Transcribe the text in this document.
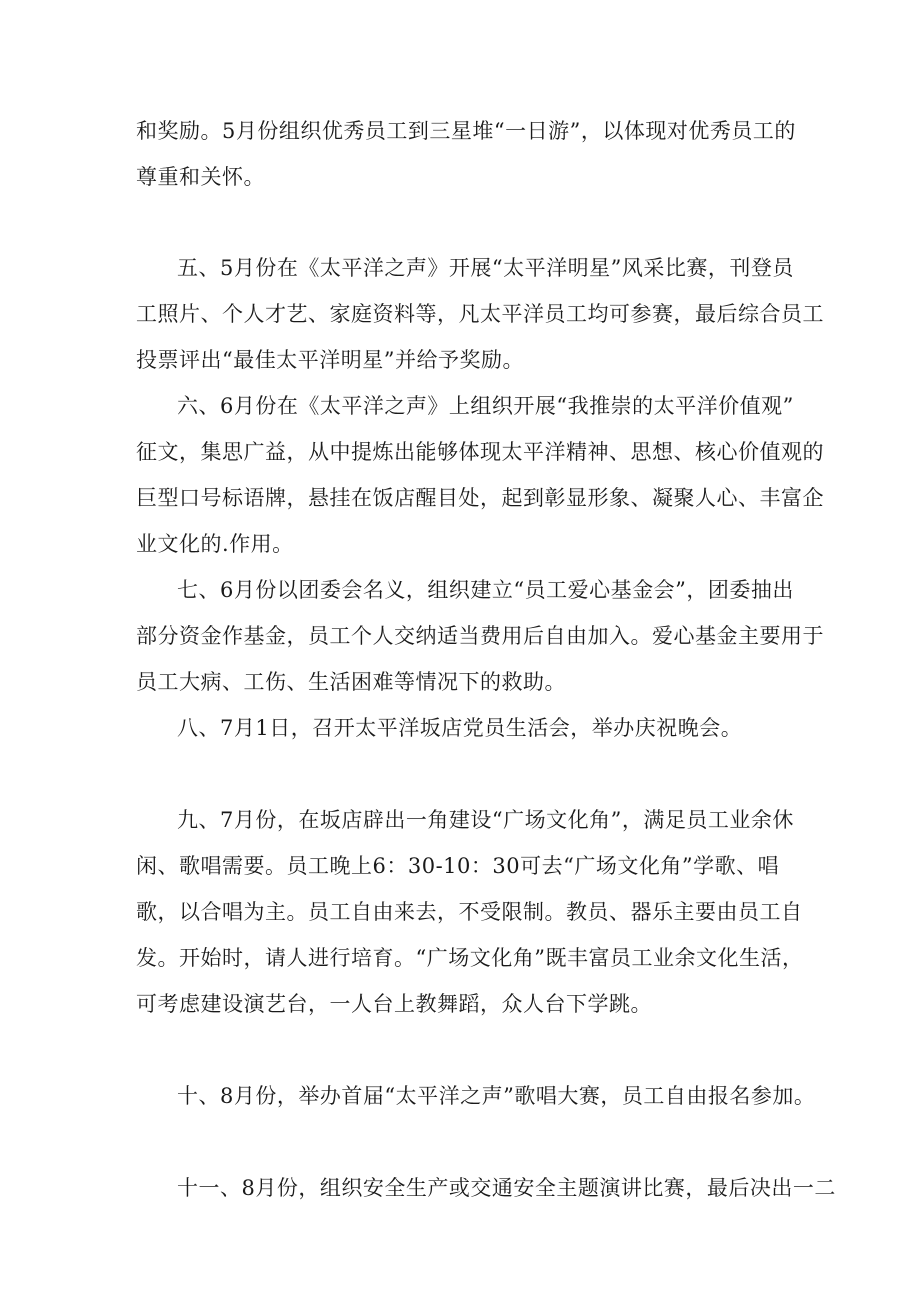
和奖励。5月份组织优秀员工到三星堆“一日游”，以体现对优秀员工的
尊重和关怀。

五、5月份在《太平洋之声》开展“太平洋明星”风采比赛，刊登员
工照片、个人才艺、家庭资料等，凡太平洋员工均可参赛，最后综合员工
投票评出“最佳太平洋明星”并给予奖励。

六、6月份在《太平洋之声》上组织开展“我推崇的太平洋价值观”
征文，集思广益，从中提炼出能够体现太平洋精神、思想、核心价值观的
巨型口号标语牌，悬挂在饭店醒目处，起到彰显形象、凝聚人心、丰富企
业文化的.作用。

七、6月份以团委会名义，组织建立“员工爱心基金会”，团委抽出
部分资金作基金，员工个人交纳适当费用后自由加入。爱心基金主要用于
员工大病、工伤、生活困难等情况下的救助。

八、7月1日，召开太平洋坂店党员生活会，举办庆祝晚会。

九、7月份，在坂店辟出一角建设“广场文化角”，满足员工业余休
闲、歌唱需要。员工晚上6：30-10：30可去“广场文化角”学歌、唱
歌，以合唱为主。员工自由来去，不受限制。教员、器乐主要由员工自
发。开始时，请人进行培育。“广场文化角”既丰富员工业余文化生活，
可考虑建设演艺台，一人台上教舞蹈，众人台下学跳。

十、8月份，举办首届“太平洋之声”歌唱大赛，员工自由报名参加。

十一、8月份，组织安全生产或交通安全主题演讲比赛，最后决出一二
